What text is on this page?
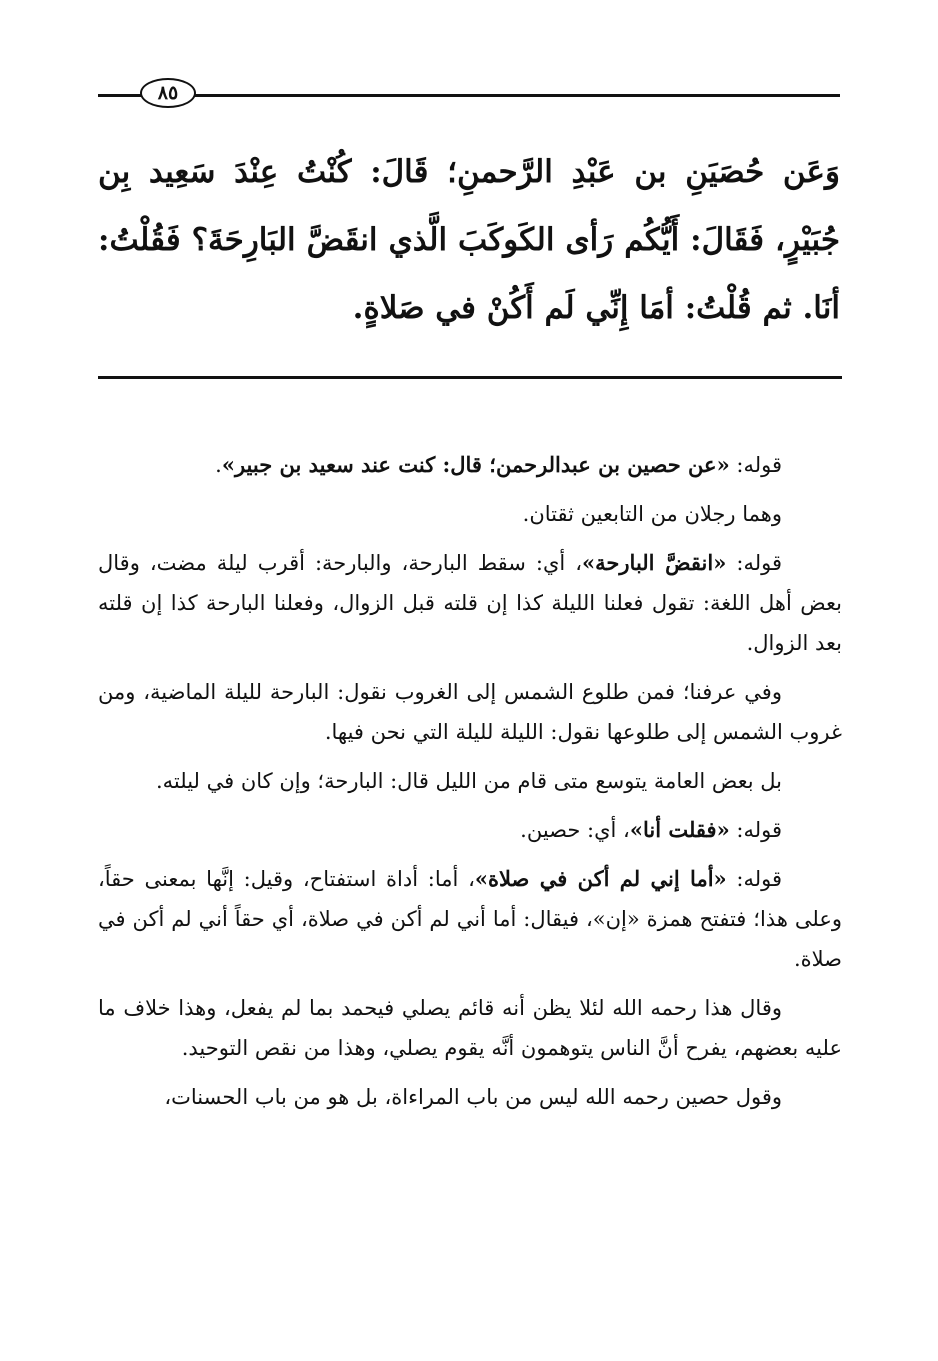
٨٥

وَعَن حُصَيَنِ بن عَبْدِ الرَّحمنِ؛ قَالَ: كُنْتُ عِنْدَ سَعِيد بِن جُبَيْرٍ، فَقَالَ: أَيُّكُم رَأى الكَوكَبَ الَّذي انقَضَّ البَارِحَةَ؟ فَقُلْتُ: أنَا. ثم قُلْتُ: أمَا إِنِّي لَم أَكُنْ في صَلاةٍ.

قوله: «عن حصين بن عبدالرحمن؛ قال: كنت عند سعيد بن جبير».

وهما رجلان من التابعين ثقتان.

قوله: «انقضَّ البارحة»، أي: سقط البارحة، والبارحة: أقرب ليلة مضت، وقال بعض أهل اللغة: تقول فعلنا الليلة كذا إن قلته قبل الزوال، وفعلنا البارحة كذا إن قلته بعد الزوال.

وفي عرفنا؛ فمن طلوع الشمس إلى الغروب نقول: البارحة لليلة الماضية، ومن غروب الشمس إلى طلوعها نقول: الليلة لليلة التي نحن فيها.

بل بعض العامة يتوسع متى قام من الليل قال: البارحة؛ وإن كان في ليلته.

قوله: «فقلت أنا»، أي: حصين.

قوله: «أما إني لم أكن في صلاة»، أما: أداة استفتاح، وقيل: إنَّها بمعنى حقاً، وعلى هذا؛ فتفتح همزة «إن»، فيقال: أما أني لم أكن في صلاة، أي حقاً أني لم أكن في صلاة.

وقال هذا رحمه الله لئلا يظن أنه قائم يصلي فيحمد بما لم يفعل، وهذا خلاف ما عليه بعضهم، يفرح أنَّ الناس يتوهمون أنَّه يقوم يصلي، وهذا من نقص التوحيد.

وقول حصين رحمه الله ليس من باب المراءاة، بل هو من باب الحسنات،
